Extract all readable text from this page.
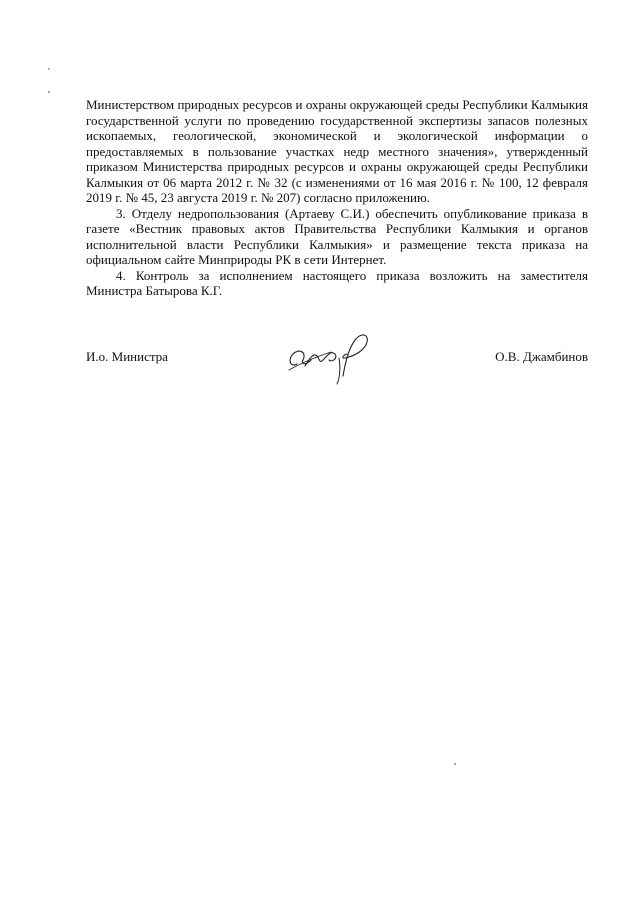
Министерством природных ресурсов и охраны окружающей среды Республики Калмыкия государственной услуги по проведению государственной экспертизы запасов полезных ископаемых, геологической, экономической и экологической информации о предоставляемых в пользование участках недр местного значения», утвержденный приказом Министерства природных ресурсов и охраны окружающей среды Республики Калмыкия от 06 марта 2012 г. № 32 (с изменениями от 16 мая 2016 г. № 100, 12 февраля 2019 г. № 45, 23 августа 2019 г. № 207) согласно приложению.

3. Отделу недропользования (Артаеву С.И.) обеспечить опубликование приказа в газете «Вестник правовых актов Правительства Республики Калмыкия и органов исполнительной власти Республики Калмыкия» и размещение текста приказа на официальном сайте Минприроды РК в сети Интернет.

4. Контроль за исполнением настоящего приказа возложить на заместителя Министра Батырова К.Г.

И.о. Министра	О.В. Джамбинов
